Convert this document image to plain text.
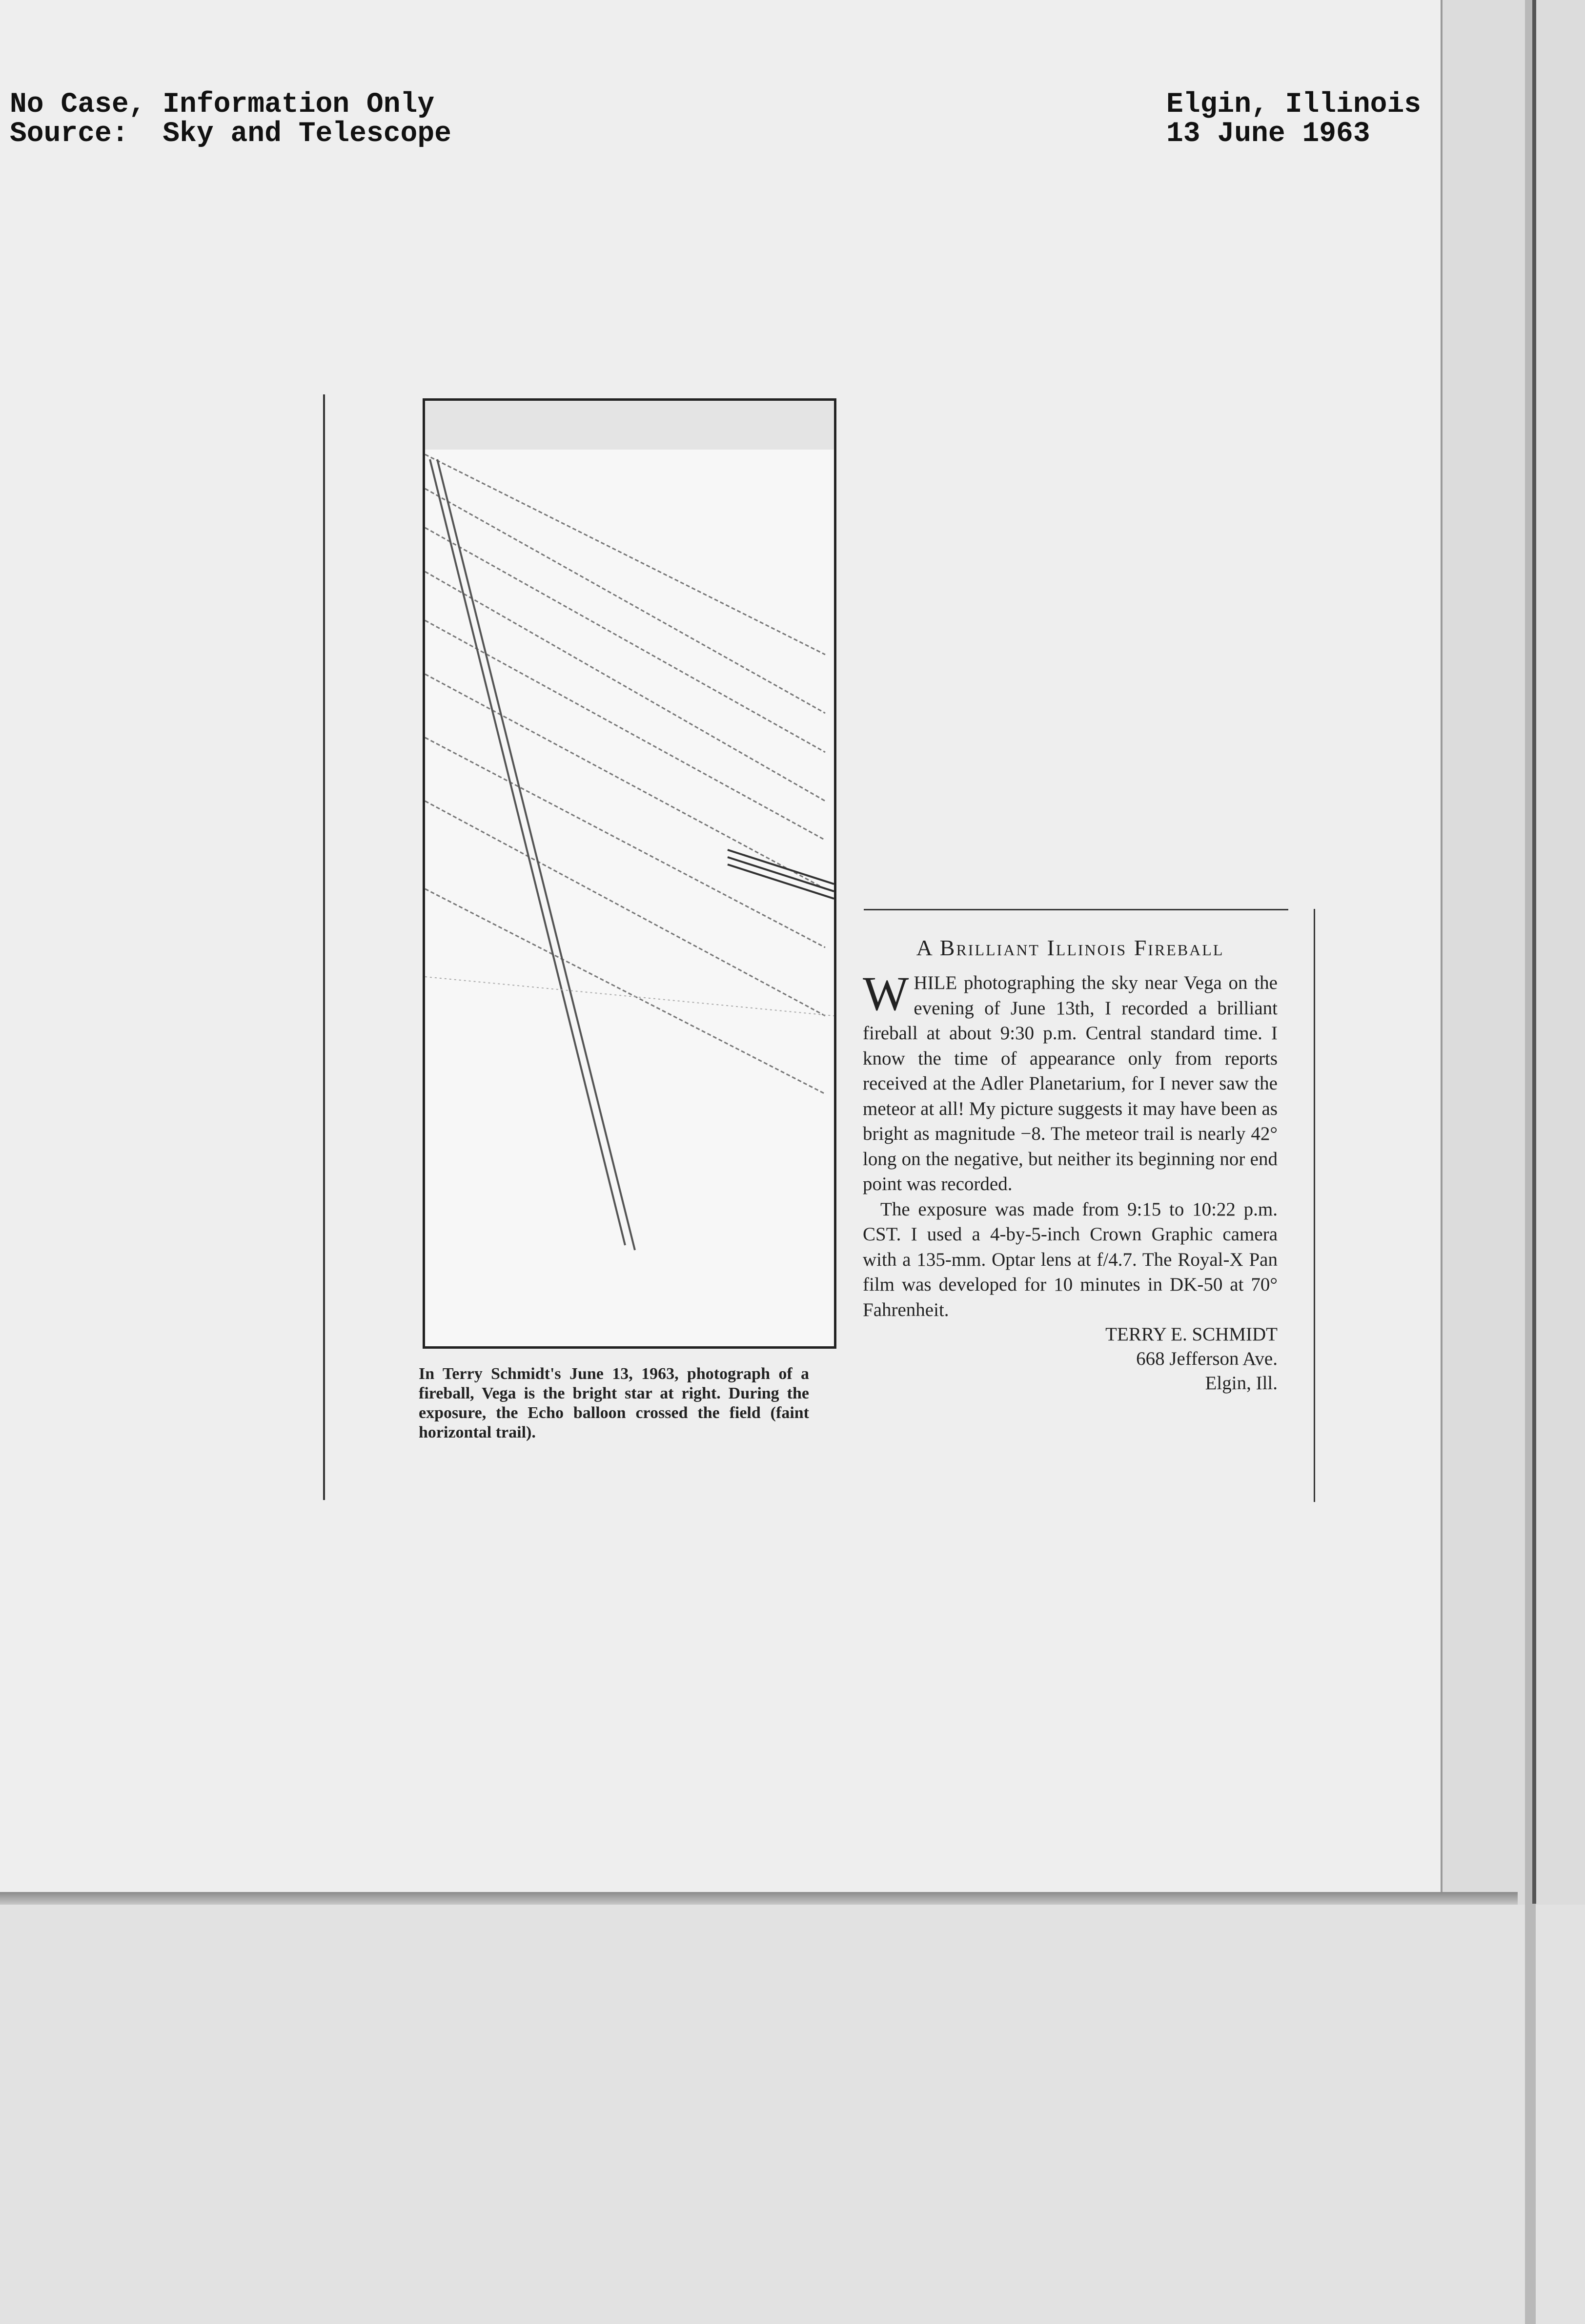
No Case, Information Only
Source:  Sky and Telescope
Elgin, Illinois
13 June 1963
In Terry Schmidt's June 13, 1963, photograph of a fireball, Vega is the bright star at right. During the exposure, the Echo balloon crossed the field (faint horizontal trail).
A Brilliant Illinois Fireball

WHILE photographing the sky near Vega on the evening of June 13th, I recorded a brilliant fireball at about 9:30 p.m. Central standard time. I know the time of appearance only from reports received at the Adler Planetarium, for I never saw the meteor at all! My picture suggests it may have been as bright as magnitude −8. The meteor trail is nearly 42° long on the negative, but neither its beginning nor end point was recorded.

The exposure was made from 9:15 to 10:22 p.m. CST. I used a 4-by-5-inch Crown Graphic camera with a 135-mm. Optar lens at f/4.7. The Royal-X Pan film was developed for 10 minutes in DK-50 at 70° Fahrenheit.

TERRY E. SCHMIDT
668 Jefferson Ave.
Elgin, Ill.
